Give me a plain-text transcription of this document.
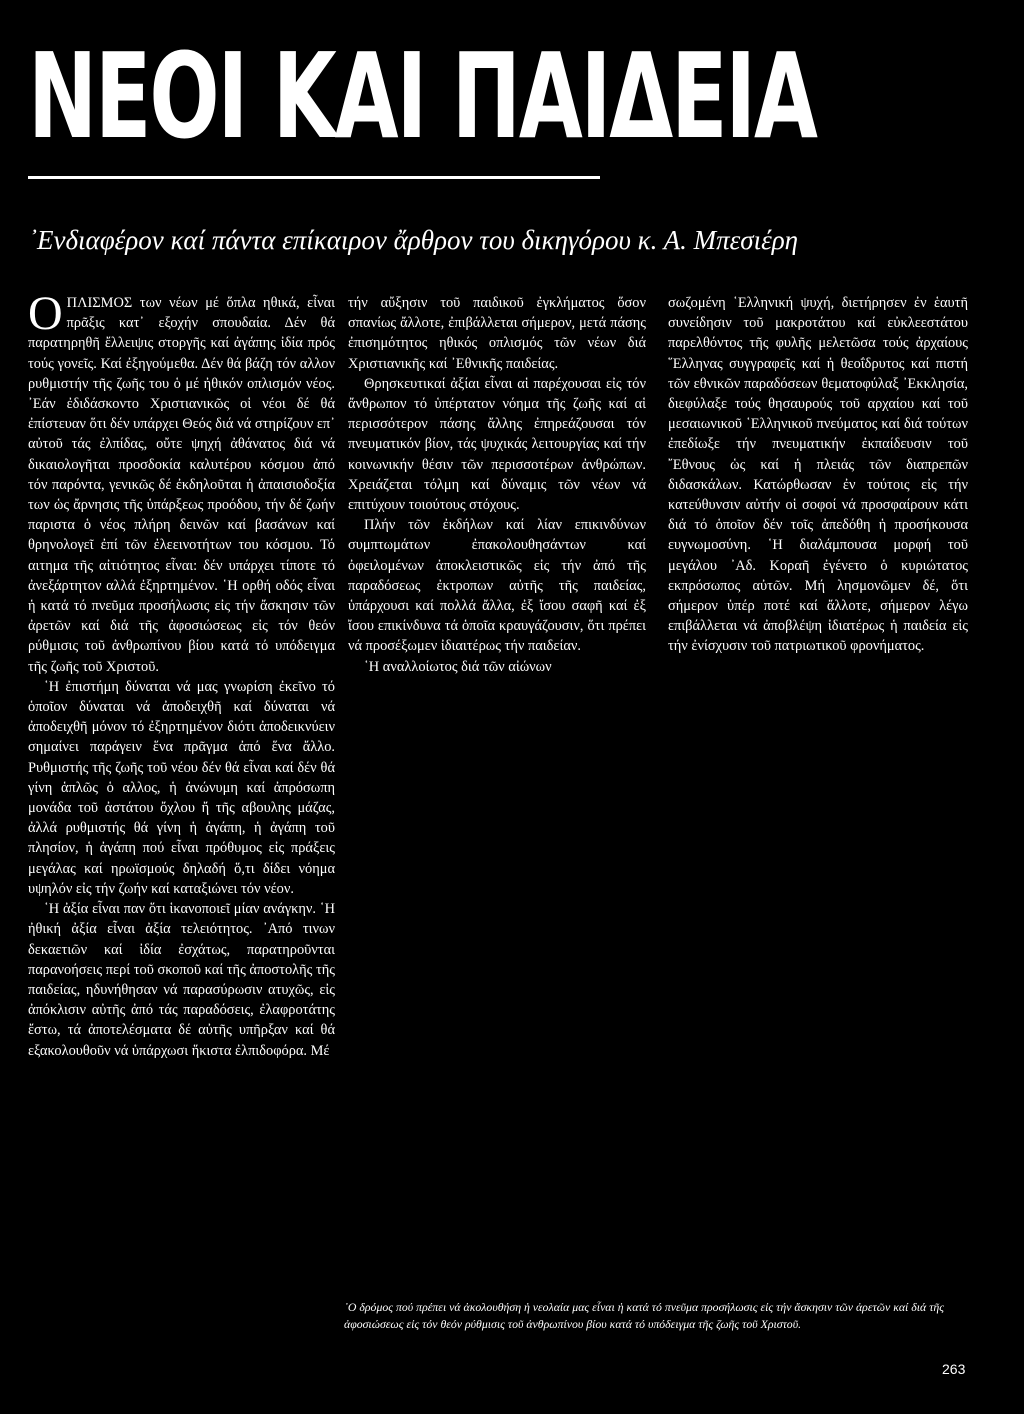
ΝΕΟΙ ΚΑΙ ΠΑΙΔΕΙΑ
᾽Ενδιαφέρον καί πάντα επίκαιρον ἄρθρον του δικηγόρου κ. Α. Μπεσιέρη

ΟΠΛΙΣΜΟΣ των νέων μέ ὅπλα ηθικά, εἶναι πρᾶξις κατ᾽ εξοχήν σπουδαία. Δέν θά παρατηρηθῆ ἔλλειψις στοργῆς καί ἀγάπης ἰδία πρός τούς γονεῖς. Καί ἐξηγούμεθα. Δέν θά βάζη τόν αλλον ρυθμιστήν τῆς ζωῆς του ὁ μέ ἠθικόν οπλισμόν νέος. ᾽Εάν ἐδιδάσκοντο Χριστιανικῶς οἱ νέοι δέ θά ἐπίστευαν ὅτι δέν υπάρχει Θεός διά νά στηρίζουν επ᾽ αὐτοῦ τάς ἐλπίδας, οὔτε ψηχή ἀθάνατος διά νά δικαιολογῆται προσδοκία καλυτέρου κόσμου ἀπό τόν παρόντα, γενικῶς δέ ἐκδηλοῦται ἡ ἀπαισιοδοξία των ὡς ἄρνησις τῆς ὑπάρξεως προόδου, τήν δέ ζωήν παριστα ὁ νέος πλήρη δεινῶν καί βασάνων καί θρηνολογεῖ ἐπί τῶν ἐλεεινοτήτων του κόσμου. Τό αιτημα τῆς αἰτιότητος εἶναι: δέν υπάρχει τίποτε τό ἀνεξάρτητον αλλά ἐξηρτημένον. ῾Η ορθή οδός εἶναι ἡ κατά τό πνεῦμα προσήλωσις εἰς τήν ἄσκησιν τῶν ἀρετῶν καί διά τῆς ἀφοσιώσεως εἰς τόν θεόν ρύθμισις τοῦ ἀνθρωπίνου βίου κατά τό υπόδειγμα τῆς ζωῆς τοῦ Χριστοῦ.

῾Η ἐπιστήμη δύναται νά μας γνωρίση ἐκεῖνο τό ὁποῖον δύναται νά ἀποδειχθῆ καί δύναται νά ἀποδειχθῆ μόνον τό ἐξηρτημένον διότι ἀποδεικνύειν σημαίνει παράγειν ἕνα πρᾶγμα ἀπό ἕνα ἄλλο. Ρυθμιστής τῆς ζωῆς τοῦ νέου δέν θά εἶναι καί δέν θά γίνη ἁπλῶς ὁ αλλος, ἡ ἀνώνυμη καί ἀπρόσωπη μονάδα τοῦ ἀστάτου ὄχλου ἤ τῆς αβουλης μάζας, ἀλλά ρυθμιστής θά γίνη ἡ ἀγάπη, ἡ ἀγάπη τοῦ πλησίον, ἡ ἀγάπη πού εἶναι πρόθυμος εἰς πράξεις μεγάλας καί ηρωϊσμούς δηλαδή ὅ,τι δίδει νόημα υψηλόν εἰς τήν ζωήν καί καταξιώνει τόν νέον.

῾Η ἀξία εἶναι παν ὅτι ἱκανοποιεῖ μίαν ανάγκην. ῾Η ἠθική ἀξία εἶναι ἀξία τελειότητος. ᾽Από τινων δεκαετιῶν καί ἰδία ἐσχάτως, παρατηροῦνται παρανοήσεις περί τοῦ σκοποῦ καί τῆς ἀποστολῆς τῆς παιδείας, ηδυνήθησαν νά παρασύρωσιν ατυχῶς, εἰς ἀπόκλισιν αὐτῆς ἀπό τάς παραδόσεις, ἐλαφροτάτης ἔστω, τά ἀποτελέσματα δέ αὐτῆς υπῆρξαν καί θά εξακολουθοῦν νά ὑπάρχωσι ἥκιστα ἐλπιδοφόρα. Μέ

τήν αὔξησιν τοῦ παιδικοῦ ἐγκλήματος ὅσον σπανίως ἄλλοτε, ἐπιβάλλεται σήμερον, μετά πάσης ἐπισημότητος ηθικός οπλισμός τῶν νέων διά Χριστιανικῆς καί ᾽Εθνικῆς παιδείας.

Θρησκευτικαί ἀξίαι εἶναι αἱ παρέχουσαι εἰς τόν ἄνθρωπον τό ὑπέρτατον νόημα τῆς ζωῆς καί αἱ περισσότερον πάσης ἄλλης ἐπηρεάζουσαι τόν πνευματικόν βίον, τάς ψυχικάς λειτουργίας καί τήν κοινωνικήν θέσιν τῶν περισσοτέρων ἀνθρώπων. Χρειάζεται τόλμη καί δύναμις τῶν νέων νά επιτύχουν τοιούτους στόχους.

Πλήν τῶν ἐκδήλων καί λίαν επικινδύνων συμπτωμάτων ἐπακολουθησάντων καί ὀφειλομένων ἀποκλειστικῶς εἰς τήν ἀπό τῆς παραδόσεως ἐκτροπων αὐτῆς τῆς παιδείας, ὑπάρχουσι καί πολλά ἄλλα, ἐξ ἴσου σαφῆ καί ἐξ ἴσου επικίνδυνα τά ὁποῖα κραυγάζουσιν, ὅτι πρέπει νά προσέξωμεν ἰδιαιτέρως τήν παιδείαν.

῾Η αναλλοίωτος διά τῶν αἰώνων

σωζομένη ῾Ελληνική ψυχή, διετήρησεν ἐν ἑαυτῆ συνείδησιν τοῦ μακροτάτου καί εὐκλεεστάτου παρελθόντος τῆς φυλῆς μελετῶσα τούς ἀρχαίους ῞Ελληνας συγγραφεῖς καί ἡ θεοΐδρυτος καί πιστή τῶν εθνικῶν παραδόσεων θεματοφύλαξ ᾽Εκκλησία, διεφύλαξε τούς θησαυρούς τοῦ αρχαίου καί τοῦ μεσαιωνικοῦ ῾Ελληνικοῦ πνεύματος καί διά τούτων ἐπεδίωξε τήν πνευματικήν ἐκπαίδευσιν τοῦ ῎Εθνους ὡς καί ἡ πλειάς τῶν διαπρεπῶν διδασκάλων. Κατώρθωσαν ἐν τούτοις εἰς τήν κατεύθυνσιν αὐτήν οἱ σοφοί νά προσφαίρουν κάτι διά τό ὁποῖον δέν τοῖς ἀπεδόθη ἡ προσήκουσα ευγνωμοσύνη. ῾Η διαλάμπουσα μορφή τοῦ μεγάλου ᾽Αδ. Κοραῆ ἐγένετο ὁ κυριώτατος εκπρόσωπος αὐτῶν. Μή λησμονῶμεν δέ, ὅτι σήμερον ὑπέρ ποτέ καί ἄλλοτε, σήμερον λέγω επιβάλλεται νά ἀποβλέψη ἰδιατέρως ἡ παιδεία εἰς τήν ἐνίσχυσιν τοῦ πατριωτικοῦ φρονήματος.

᾽Ο δρόμος πού πρέπει νά ἀκολουθήση ἡ νεολαία μας εἶναι ἡ κατά τό πνεῦμα προσήλωσις εἰς τήν ἄσκησιν τῶν ἀρετῶν καί διά τῆς ἀφοσιώσεως εἰς τόν θεόν ρύθμισις τοῦ ἀνθρωπίνου βίου κατά τό υπόδειγμα τῆς ζωῆς τοῦ Χριστοῦ.
263
